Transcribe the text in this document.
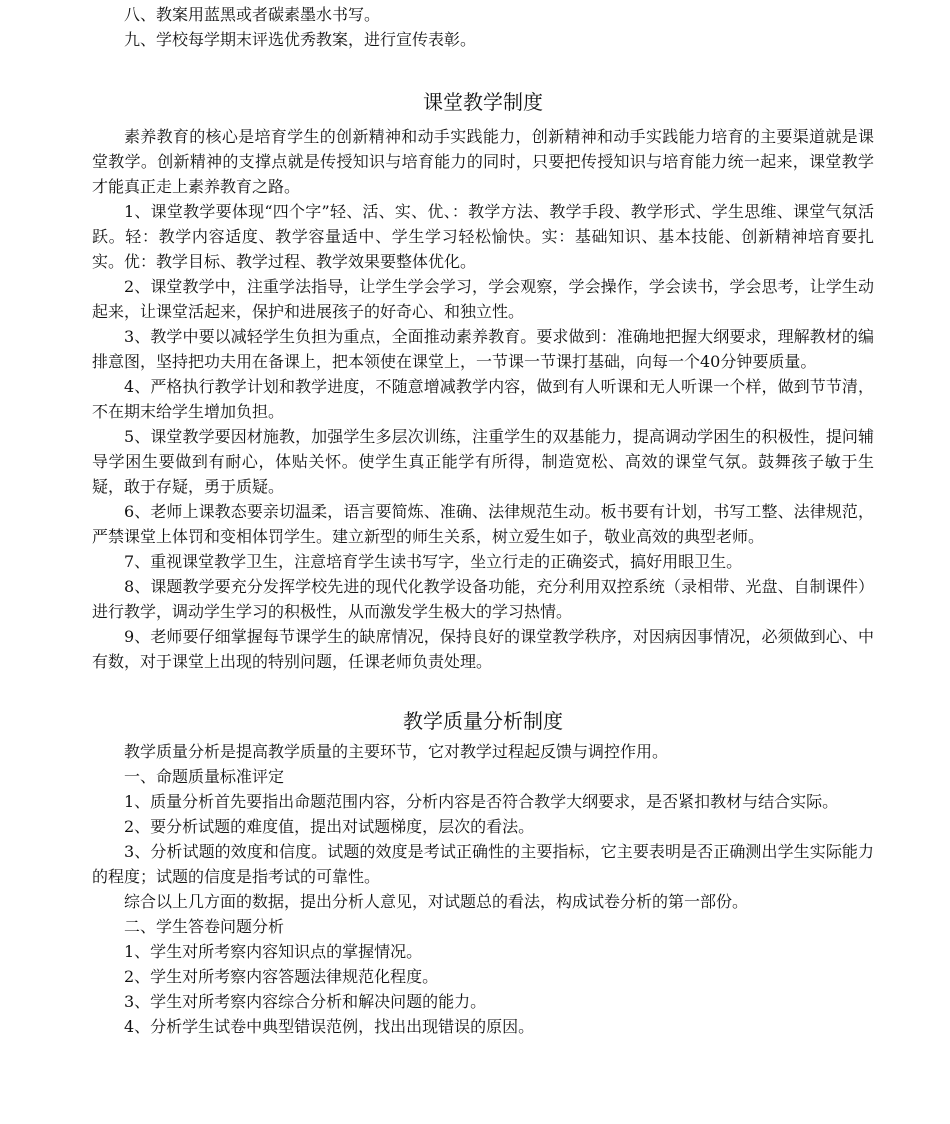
八、教案用蓝黑或者碳素墨水书写。

九、学校每学期末评选优秀教案，进行宣传表彰。

课堂教学制度

素养教育的核心是培育学生的创新精神和动手实践能力，创新精神和动手实践能力培育的主要渠道就是课堂教学。创新精神的支撑点就是传授知识与培育能力的同时，只要把传授知识与培育能力统一起来，课堂教学才能真正走上素养教育之路。

1、课堂教学要体现“四个字”轻、活、实、优、：教学方法、教学手段、教学形式、学生思维、课堂气氛活跃。轻：教学内容适度、教学容量适中、学生学习轻松愉快。实：基础知识、基本技能、创新精神培育要扎实。优：教学目标、教学过程、教学效果要整体优化。

2、课堂教学中，注重学法指导，让学生学会学习，学会观察，学会操作，学会读书，学会思考，让学生动起来，让课堂活起来，保护和进展孩子的好奇心、和独立性。

3、教学中要以减轻学生负担为重点，全面推动素养教育。要求做到：准确地把握大纲要求，理解教材的编排意图，坚持把功夫用在备课上，把本领使在课堂上，一节课一节课打基础，向每一个40分钟要质量。

4、严格执行教学计划和教学进度，不随意增减教学内容，做到有人听课和无人听课一个样，做到节节清，不在期末给学生增加负担。

5、课堂教学要因材施教，加强学生多层次训练，注重学生的双基能力，提高调动学困生的积极性，提问辅导学困生要做到有耐心，体贴关怀。使学生真正能学有所得，制造宽松、高效的课堂气氛。鼓舞孩子敏于生疑，敢于存疑，勇于质疑。

6、老师上课教态要亲切温柔，语言要简炼、准确、法律规范生动。板书要有计划，书写工整、法律规范，严禁课堂上体罚和变相体罚学生。建立新型的师生关系，树立爱生如子，敬业高效的典型老师。

7、重视课堂教学卫生，注意培育学生读书写字，坐立行走的正确姿式，搞好用眼卫生。

8、课题教学要充分发挥学校先进的现代化教学设备功能，充分利用双控系统（录相带、光盘、自制课件）进行教学，调动学生学习的积极性，从而激发学生极大的学习热情。

9、老师要仔细掌握每节课学生的缺席情况，保持良好的课堂教学秩序，对因病因事情况，必须做到心、中有数，对于课堂上出现的特别问题，任课老师负责处理。

教学质量分析制度

教学质量分析是提高教学质量的主要环节，它对教学过程起反馈与调控作用。

一、命题质量标准评定

1、质量分析首先要指出命题范围内容，分析内容是否符合教学大纲要求，是否紧扣教材与结合实际。

2、要分析试题的难度值，提出对试题梯度，层次的看法。

3、分析试题的效度和信度。试题的效度是考试正确性的主要指标，它主要表明是否正确测出学生实际能力的程度；试题的信度是指考试的可靠性。

综合以上几方面的数据，提出分析人意见，对试题总的看法，构成试卷分析的第一部份。

二、学生答卷问题分析

1、学生对所考察内容知识点的掌握情况。

2、学生对所考察内容答题法律规范化程度。

3、学生对所考察内容综合分析和解决问题的能力。

4、分析学生试卷中典型错误范例，找出出现错误的原因。
